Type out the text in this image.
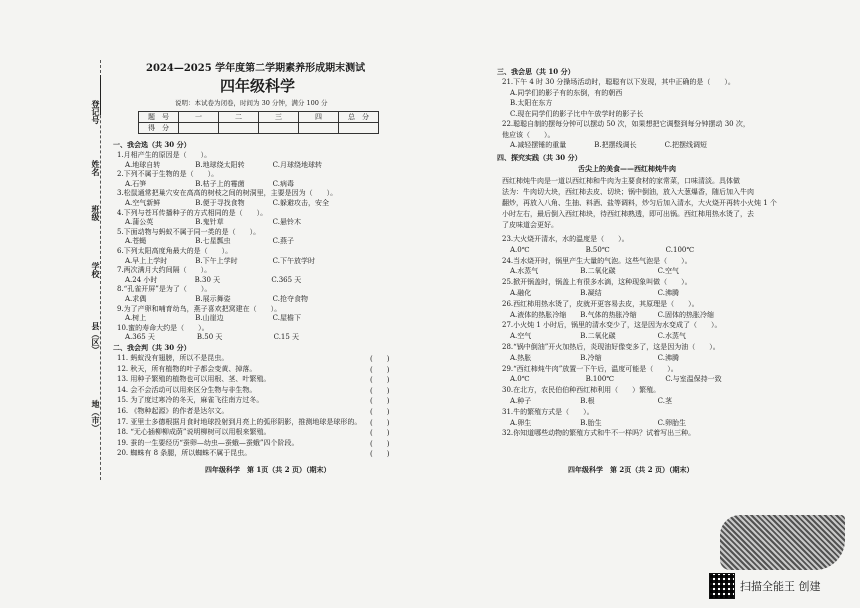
登记号
姓名
班级
学校
县（区）
地（市）
2024—2025 学年度第二学期素养形成期末测试
四年级科学
说明：本试卷为闭卷，时间为 30 分钟，满分 100 分
题　号	一	二	三	四	总　分
得　分					
一、我会选（共 30 分）
1.月相产生的原因是（　　）。
A.地球自转　　　　　B.地球绕太阳转　　　　C.月球绕地球转
2.下列不属于生物的是（　　）。
A.石笋　　　　　　　B.枯子上的霉菌　　　　C.病毒
3.松鼠通常把巢穴安在高高的树枝之间的树洞里，主要是因为（　　）。
A.空气新鲜　　　　　B.便于寻找食物　　　　C.躲避攻击，安全
4.下列与苍耳传播种子的方式相同的是（　　）。
A.蒲公英　　　　　　B.鬼针草　　　　　　　C.悬铃木
5.下面动物与蚂蚁不属于同一类的是（　　）。
A.苍蝇　　　　　　　B.七星瓢虫　　　　　　C.燕子
6.下列太阳高度角最大的是（　　）。
A.早上上学时　　　　B.下午上学时　　　　　C.下午放学时
7.两次满月大约间隔（　　）。
A.24 小时　　　　　 B.30 天　　　　　　　 C.365 天
8.“孔雀开屏”是为了（　　）。
A.求偶　　　　　　　B.展示舞姿　　　　　　C.抢夺食物
9.为了产卵和哺育幼鸟，燕子喜欢把窝建在（　　）。
A.树上　　　　　　　B.山崖边　　　　　　　C.屋檐下
10.蜜的寿命大约是（　　）。
A.365 天　　　　　　B.50 天　　　　　　　 C.15 天
二、我会判（共 30 分）
11. 蚂蚁没有翅膀，所以不是昆虫。	(　　)
12. 秋天，所有植物的叶子都会变黄、掉落。	(　　)
13. 用种子繁殖的植物也可以用根、茎、叶繁殖。	(　　)
14. 会不会活动可以用来区分生物与非生物。	(　　)
15. 为了度过寒冷的冬天，麻雀飞往南方过冬。	(　　)
16. 《物种起源》的作者是达尔文。	(　　)
17. 亚里士多德根据月食时地球投射到月亮上的弧形阴影，推测地球是球形的。 (　　)
18. “无心插柳柳成荫”说明柳树可以用根来繁殖。	(　　)
19. 蚕的一生要经历“蚕卵—幼虫—蚕蛾—蚕蛾”四个阶段。	(　　)
20. 蜘蛛有 8 条腿，所以蜘蛛不属于昆虫。	(　　)
四年级科学　第 1页（共 2 页）（期末）
三、我会思（共 10 分）
21.下午 4 时 30 分操场活动时，聪聪有以下发现，其中正确的是（　　）。
A.同学们的影子有的东倒，有的朝西
B.太阳在东方
C.现在同学们的影子比中午放学时的影子长
22.聪聪自制的摆每分钟可以摆动 50 次，如果想把它调整到每分钟摆动 30 次，
他应该（　　）。
A.减轻摆锤的重量　　　　B.把摆线调长　　　　C.把摆线调短
四、探究实践（共 30 分）
舌尖上的美食——西红柿炖牛肉
西红柿炖牛肉是一道以西红柿和牛肉为主要食材的家常菜，口味清淡。具体做
法为：牛肉切大块，西红柿去皮、切块；锅中倒油，放入大葱爆香，随后加入牛肉
翻炒，再放入八角、生抽、料酒、盐等调料，炒匀后加入清水，大火烧开再转小火炖 1 个
小时左右，最后倒入西红柿块，待西红柿熟透，即可出锅。西红柿用热水烫了，去
了皮味道会更好。
23.大火烧开清水，水的温度是（　　）。
A.0℃　　　　　　　　B.50℃　　　　　　　　C.100℃
24.当水烧开时，锅里产生大量的气泡。这些气泡是（　　）。
A.水蒸气　　　　　　B.二氧化碳　　　　　　C.空气
25.掀开锅盖时，锅盖上有很多水滴，这种现象叫做（　　）。
A.融化　　　　　　　B.凝结　　　　　　　　C.沸腾
26.西红柿用热水烫了，皮就开更容易去皮，其原理是（　　）。
A.液体的热胀冷缩　　B.气体的热胀冷缩　　　C.固体的热胀冷缩
27.小火炖 1 小时后，锅里的清水变少了，这是因为水变成了（　　）。
A.空气　　　　　　　B.二氧化碳　　　　　　C.水蒸气
28.“锅中倒油”开火加热后，炎现油好像变多了，这是因为油（　　）。
A.热胀　　　　　　　B.冷缩　　　　　　　　C.沸腾
29.“西红柿炖牛肉”放置一下午后，温度可能是（　　）。
A.0℃　　　　　　　　B.100℃　　　　　　　 C.与室温保持一致
30.在北方，农民伯伯种西红柿利用（　　）繁殖。
A.种子　　　　　　　B.根　　　　　　　　　C.茎
31.牛的繁殖方式是（　　）。
A.卵生　　　　　　　B.胎生　　　　　　　　C.卵胎生
32.你知道哪些动物的繁殖方式和牛不一样吗？试着写出三种。
四年级科学　第 2页（共 2 页）（期末）
扫描全能王 创建
